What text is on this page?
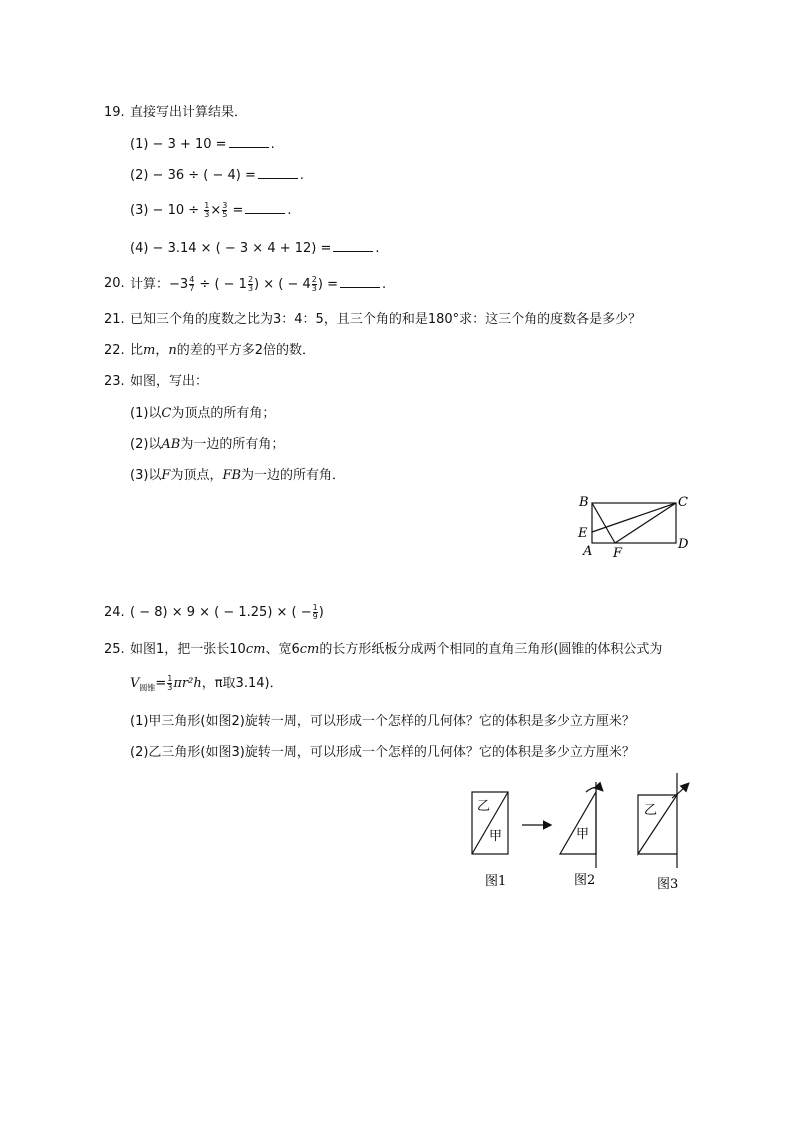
19. 直接写出计算结果．
(1) − 3 + 10 =	.
(2) − 36 ÷ ( − 4) =	.
$(3) - 10 \div \frac{1}{3} \times \frac{3}{5}$ =	.
(4) − 3.14 × ( − 3 × 4 + 12) =	.
20. 计算：$-3 \frac{4}{7}$ ÷ ( − $1 \frac{2}{3}$ ) × ( − $4 \frac{2}{3}$ ) =	.
21. 已知三个角的度数之比为3：4：5，且三个角的和是180°求：这三个角的度数各是多少？
22. 比m，n的差的平方多2倍的数．
23. 如图，写出：
(1)以C为顶点的所有角；
(2)以AB为一边的所有角；
(3)以F为顶点，FB为一边的所有角．
B	C
E
A F
D
24. ( − 8) × 9 × ( − 1.25) × ( − $\frac{1}{9}$ )
25. 如图1，把一张长10cm、宽6cm的长方形纸板分成两个相同的直角三角形(圆锥的体积公式为
$V_{圆锥}= \frac{1}{3} \pi r^2h$，π取3.14)．
(1)甲三角形(如图2)旋转一周，可以形成一个怎样的几何体？它的体积是多少立方厘米？
(2)乙三角形(如图3)旋转一周，可以形成一个怎样的几何体？它的体积是多少立方厘米？
乙
甲
图1
甲
图2
乙
图3
